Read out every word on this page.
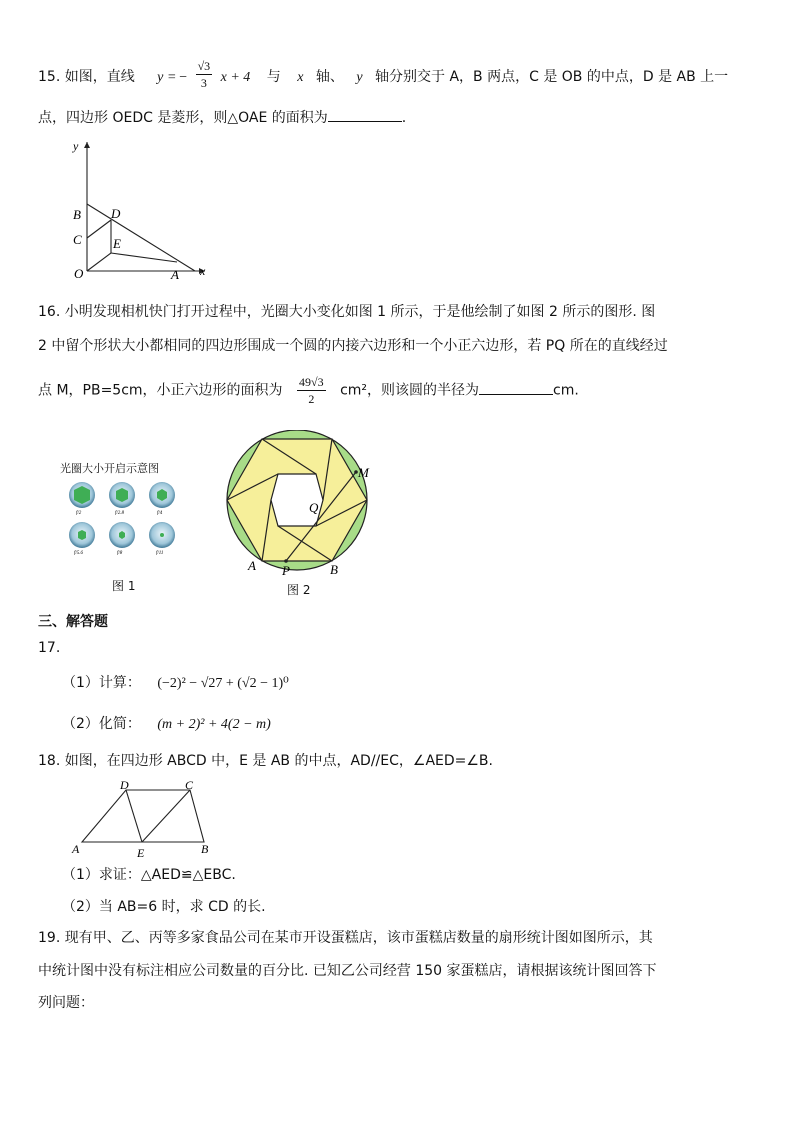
15. 如图，直线 y = − $\frac{√3}{3}$ x + 4 与 x 轴、 y 轴分别交于 A，B 两点，C 是 OB 的中点，D 是 AB 上一
点，四边形 OEDC 是菱形，则△OAE 的面积为	.
y
x
B D
C E
O	A
16. 小明发现相机快门打开过程中，光圈大小变化如图 1 所示，于是他绘制了如图 2 所示的图形. 图
2 中留个形状大小都相同的四边形围成一个圆的内接六边形和一个小正六边形，若 PQ 所在的直线经过
点 M，PB=5cm，小正六边形的面积为 $\frac{49√3}{2} cm^2$，则该圆的半径为	cm.
光圈大小开启示意图
f/2	f/2.8	f/4
f/5.6	f/8	f/11
图 1
M
Q
A P	B
图 2
三、解答题
17.
（1）计算： (−2)² − √27 + (√2 − 1)⁰
（2）化简： (m + 2)² + 4(2 − m)
18. 如图，在四边形 ABCD 中，E 是 AB 的中点，AD//EC，∠AED=∠B.
D	C
A	E	B
（1）求证：△AED≌△EBC.
（2）当 AB=6 时，求 CD 的长.
19. 现有甲、乙、丙等多家食品公司在某市开设蛋糕店，该市蛋糕店数量的扇形统计图如图所示，其
中统计图中没有标注相应公司数量的百分比. 已知乙公司经营 150 家蛋糕店，请根据该统计图回答下
列问题：
